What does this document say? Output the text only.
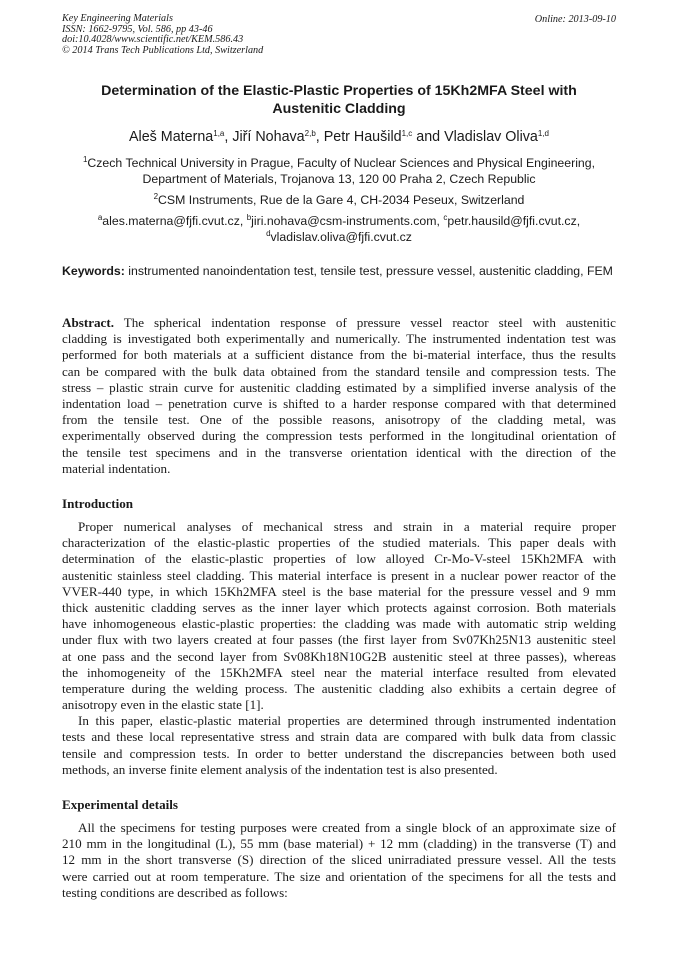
Key Engineering Materials
ISSN: 1662-9795, Vol. 586, pp 43-46
doi:10.4028/www.scientific.net/KEM.586.43
© 2014 Trans Tech Publications Ltd, Switzerland
Online: 2013-09-10
Determination of the Elastic-Plastic Properties of 15Kh2MFA Steel with
Austenitic Cladding
Aleš Materna$^{1,a}$, Jiří Nohava$^{2,b}$, Petr Haušild$^{1,c}$ and Vladislav Oliva$^{1,d}$
$^1$Czech Technical University in Prague, Faculty of Nuclear Sciences and Physical Engineering,
Department of Materials, Trojanova 13, 120 00 Praha 2, Czech Republic
$^2$CSM Instruments, Rue de la Gare 4, CH-2034 Peseux, Switzerland
$^a$ales.materna@fjfi.cvut.cz, $^b$jiri.nohava@csm-instruments.com, $^c$petr.hausild@fjfi.cvut.cz,
$^d$vladislav.oliva@fjfi.cvut.cz
Keywords: instrumented nanoindentation test, tensile test, pressure vessel, austenitic cladding, FEM
Abstract. The spherical indentation response of pressure vessel reactor steel with austenitic
cladding is investigated both experimentally and numerically. The instrumented indentation test was
performed for both materials at a sufficient distance from the bi-material interface, thus the results
can be compared with the bulk data obtained from the standard tensile and compression tests. The
stress – plastic strain curve for austenitic cladding estimated by a simplified inverse analysis of the
indentation load – penetration curve is shifted to a harder response compared with that determined
from the tensile test. One of the possible reasons, anisotropy of the cladding metal, was
experimentally observed during the compression tests performed in the longitudinal orientation of
the tensile test specimens and in the transverse orientation identical with the direction of the
material indentation.
Introduction
Proper numerical analyses of mechanical stress and strain in a material require proper
characterization of the elastic-plastic properties of the studied materials. This paper deals with
determination of the elastic-plastic properties of low alloyed Cr-Mo-V-steel 15Kh2MFA with
austenitic stainless steel cladding. This material interface is present in a nuclear power reactor of the
VVER-440 type, in which 15Kh2MFA steel is the base material for the pressure vessel and 9 mm
thick austenitic cladding serves as the inner layer which protects against corrosion. Both materials
have inhomogeneous elastic-plastic properties: the cladding was made with automatic strip welding
under flux with two layers created at four passes (the first layer from Sv07Kh25N13 austenitic steel
at one pass and the second layer from Sv08Kh18N10G2B austenitic steel at three passes), whereas
the inhomogeneity of the 15Kh2MFA steel near the material interface resulted from elevated
temperature during the welding process. The austenitic cladding also exhibits a certain degree of
anisotropy even in the elastic state [1].
In this paper, elastic-plastic material properties are determined through instrumented indentation
tests and these local representative stress and strain data are compared with bulk data from classic
tensile and compression tests. In order to better understand the discrepancies between both used
methods, an inverse finite element analysis of the indentation test is also presented.
Experimental details
All the specimens for testing purposes were created from a single block of an approximate size of
210 mm in the longitudinal (L), 55 mm (base material) + 12 mm (cladding) in the transverse (T) and
12 mm in the short transverse (S) direction of the sliced unirradiated pressure vessel. All the tests
were carried out at room temperature. The size and orientation of the specimens for all the tests and
testing conditions are described as follows:
